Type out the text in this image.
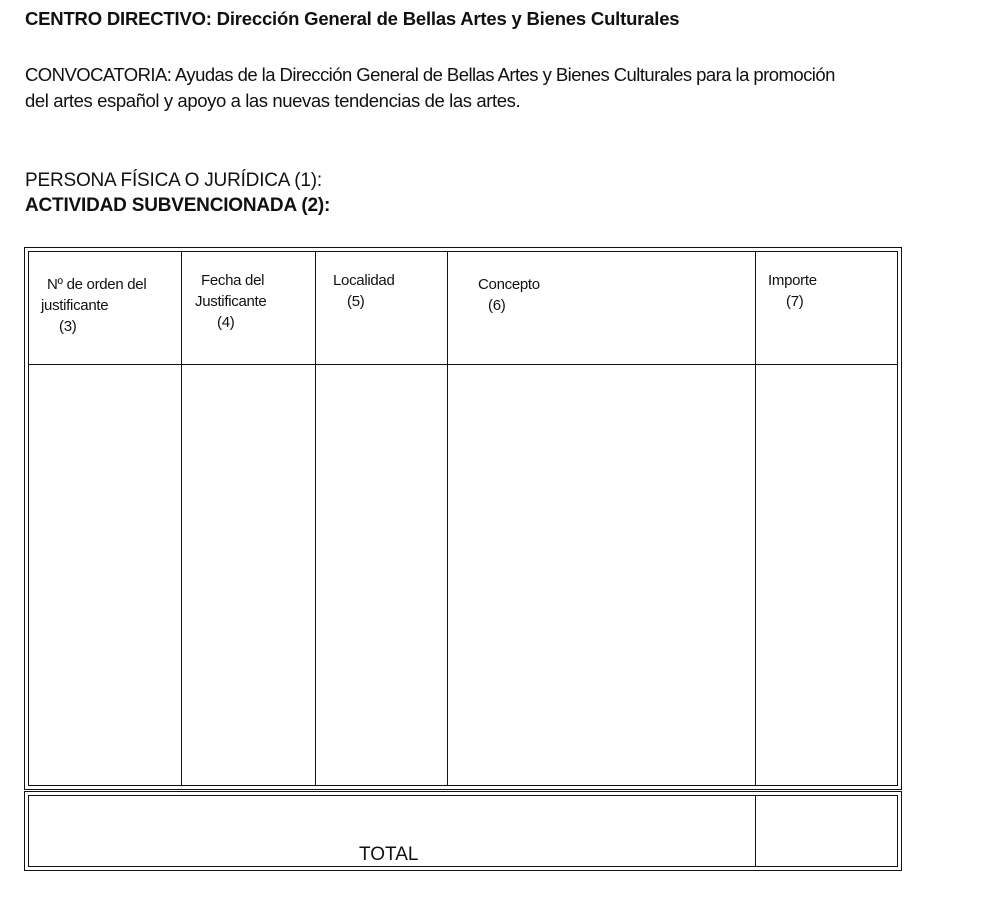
CENTRO DIRECTIVO: Dirección General de Bellas Artes y Bienes Culturales
CONVOCATORIA: Ayudas de la Dirección General de Bellas Artes y Bienes Culturales para la promoción
del artes español y apoyo a las nuevas tendencias de las artes.
PERSONA FÍSICA O JURÍDICA (1):
ACTIVIDAD SUBVENCIONADA (2):
Nº de orden del
justificante
(3)
Fecha del
Justificante
(4)
Localidad
(5)
Concepto
(6)
Importe
(7)
TOTAL
